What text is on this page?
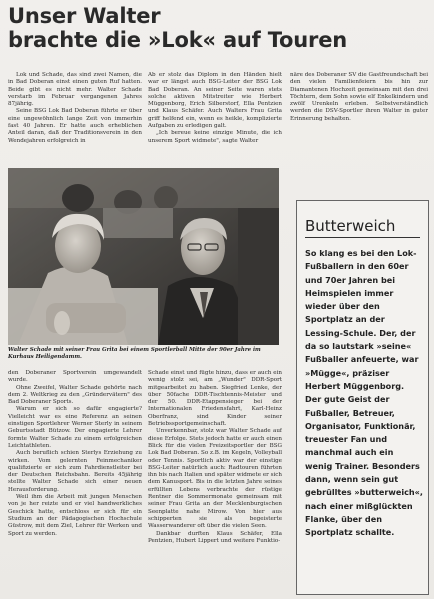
Unser Walter
brachte die »Lok« auf Touren

Lok und Schade, das sind zwei Namen, die in Bad Doberan einst einen guten Ruf hatten. Beide gibt es nicht mehr. Walter Schade verstarb im Februar vergangenen Jahres 87jährig.

Seine BSG Lok Bad Doberan führte er über eine ungewöhnlich lange Zeit von immerhin fast 40 Jahren. Er hatte auch erheblichen Anteil daran, daß der Traditionsverein in den Wendejahren erfolgreich in

Ab er stolz das Diplom in den Händen hielt war er längst auch BSG-Leiter der BSG Lok Bad Doberan. An seiner Seite waren stets solche aktiven Mitstreiter wie Herbert Müggenborg, Erich Silberstorf, Ella Pentzien und Klaus Schäfer. Auch Walters Frau Grita griff helfend ein, wenn es heikle, komplizierte Aufgaben zu erledigen galt.

„Ich bereue keine einzige Minute, die ich unserem Sport widmete", sagte Walter

näre des Doberaner SV die Gastfreundschaft bei den vielen Familienfeiern bis hin zur Diamantenen Hochzeit gemeinsam mit den drei Töchtern, dem Sohn sowie elf Enkelkindern und zwölf Urenkeln erleben. Selbstverständlich werden die DSV-Sportler ihren Walter in guter Erinnerung behalten.

Walter Schade mit seiner Frau Grita bei einem Sportlerball Mitte der 90er Jahre im Kurhaus Heiligendamm.

den Doberaner Sportverein umgewandelt wurde.

Ohne Zweifel, Walter Schade gehörte nach dem 2. Weltkrieg zu den „Gründervätern" des Bad Doberaner Sports.

Warum er sich so dafür engagierte? Vielleicht war es eine Referenz an seinen einstigen Sportlehrer Werner Sterly in seinem Geburtsstadt Bützow. Der engagierte Lehrer formte Walter Schade zu einem erfolgreichen Leichtathleten.

Auch beruflich schien Sterlys Erziehung zu wirken. Vom gelernten Feinmechaniker qualifizierte er sich zum Fahrdienstleiter bei der Deutschen Reichsbahn. Bereits 45jährig stellte Walter Schade sich einer neuen Herausforderung.

Weil ihm die Arbeit mit jungen Menschen von je her reizte und er viel handwerkliches Geschick hatte, entschloss er sich für ein Studium an der Pädagogischen Hochschule Güstrow, mit dem Ziel, Lehrer für Werken und Sport zu werden.

Schade einst und fügte hinzu, dass er auch ein wenig stolz sei, am „Wunder" DDR-Sport mitgearbeitet zu haben. Siegfried Lenke, der über 50fache DDR-Tischtennis-Meister und der 50. DDR-Etappensieger bei der Internationalen Friedensfahrt, Karl-Heinz Oberfranz, sind Kinder seiner Betriebssportgemeinschaft.

Unverkennbar, stolz war Walter Schade auf diese Erfolge. Stets jedoch hatte er auch einen Blick für die vielen Freizeitsportler der BSG Lok Bad Doberan. So z.B. im Kegeln, Volleyball oder Tennis. Sportlich aktiv war der einstige BSG-Leiter natürlich auch: Radtouren führten ihn bis nach Italien und später widmete er sich dem Kanusport. Bis in die letzten Jahre seines erfüllten Lebens verbrachte der rüstige Rentner die Sommermonate gemeinsam mit seiner Frau Grita an der Mecklenburgischen Seenplatte nahe Mirow. Von hier aus schipperten sie als begeisterte Wasserwanderer oft über die vielen Seen.

Dankbar durften Klaus Schäfer, Ella Pentzien, Hubert Lippert und weitere Funktio-

Butterweich
So klang es bei den Lok-Fußballern in den 60er und 70er Jahren bei Heimspielen immer wieder über den Sportplatz an der Lessing-Schule. Der, der da so lautstark »seine« Fußballer anfeuerte, war »Mügge«, präziser Herbert Müggenborg. Der gute Geist der Fußballer, Betreuer, Organisator, Funktionär, treuester Fan und manchmal auch ein wenig Trainer. Besonders dann, wenn sein gut gebrülltes »butterweich«, nach einer mißglückten Flanke, über den Sportplatz schallte.
